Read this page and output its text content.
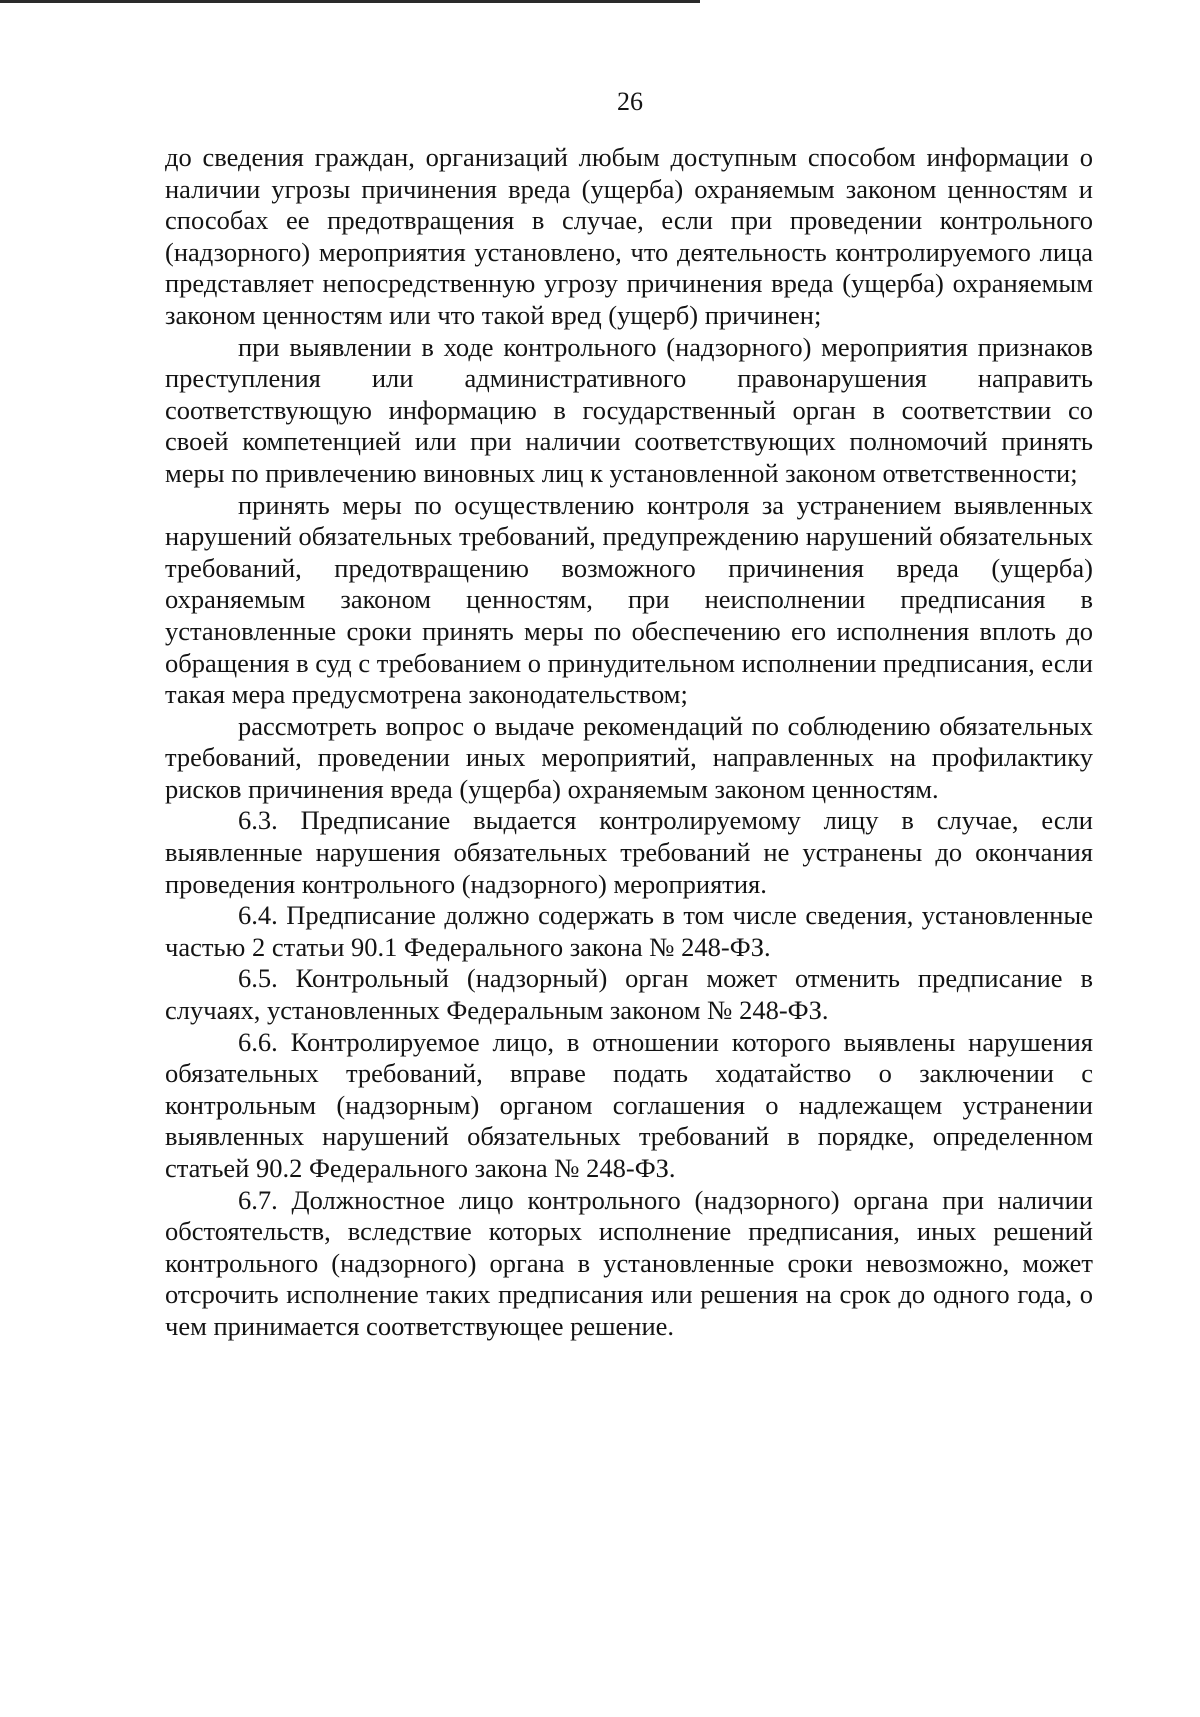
26

до сведения граждан, организаций любым доступным способом информации о наличии угрозы причинения вреда (ущерба) охраняемым законом ценностям и способах ее предотвращения в случае, если при проведении контрольного (надзорного) мероприятия установлено, что деятельность контролируемого лица представляет непосредственную угрозу причинения вреда (ущерба) охраняемым законом ценностям или что такой вред (ущерб) причинен;

при выявлении в ходе контрольного (надзорного) мероприятия признаков преступления или административного правонарушения направить соответствующую информацию в государственный орган в соответствии со своей компетенцией или при наличии соответствующих полномочий принять меры по привлечению виновных лиц к установленной законом ответственности;

принять меры по осуществлению контроля за устранением выявленных нарушений обязательных требований, предупреждению нарушений обязательных требований, предотвращению возможного причинения вреда (ущерба) охраняемым законом ценностям, при неисполнении предписания в установленные сроки принять меры по обеспечению его исполнения вплоть до обращения в суд с требованием о принудительном исполнении предписания, если такая мера предусмотрена законодательством;

рассмотреть вопрос о выдаче рекомендаций по соблюдению обязательных требований, проведении иных мероприятий, направленных на профилактику рисков причинения вреда (ущерба) охраняемым законом ценностям.

6.3. Предписание выдается контролируемому лицу в случае, если выявленные нарушения обязательных требований не устранены до окончания проведения контрольного (надзорного) мероприятия.

6.4. Предписание должно содержать в том числе сведения, установленные частью 2 статьи 90.1 Федерального закона № 248-ФЗ.

6.5. Контрольный (надзорный) орган может отменить предписание в случаях, установленных Федеральным законом № 248-ФЗ.

6.6. Контролируемое лицо, в отношении которого выявлены нарушения обязательных требований, вправе подать ходатайство о заключении с контрольным (надзорным) органом соглашения о надлежащем устранении выявленных нарушений обязательных требований в порядке, определенном статьей 90.2 Федерального закона № 248-ФЗ.

6.7. Должностное лицо контрольного (надзорного) органа при наличии обстоятельств, вследствие которых исполнение предписания, иных решений контрольного (надзорного) органа в установленные сроки невозможно, может отсрочить исполнение таких предписания или решения на срок до одного года, о чем принимается соответствующее решение.
